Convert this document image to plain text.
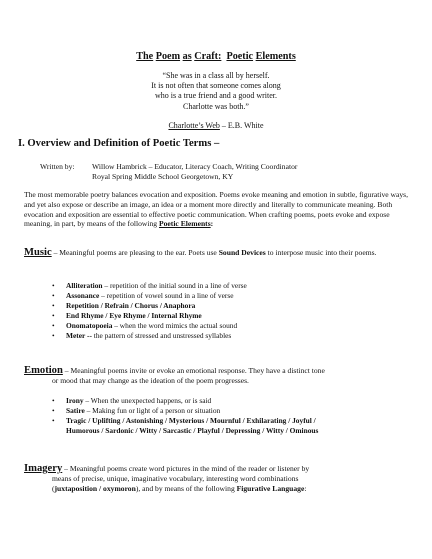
The Poem as Craft: Poetic Elements
“She was in a class all by herself.
It is not often that someone comes along
who is a true friend and a good writer.
Charlotte was both.”
Charlotte’s Web – E.B. White
I. Overview and Definition of Poetic Terms –
Written by: Willow Hambrick – Educator, Literacy Coach, Writing Coordinator
Royal Spring Middle School Georgetown, KY
The most memorable poetry balances evocation and exposition. Poems evoke meaning and emotion in subtle, figurative ways, and yet also expose or describe an image, an idea or a moment more directly and literally to communicate meaning. Both evocation and exposition are essential to effective poetic communication. When crafting poems, poets evoke and expose meaning, in part, by means of the following Poetic Elements:
Music – Meaningful poems are pleasing to the ear. Poets use Sound Devices to interpose music into their poems.
• Alliteration – repetition of the initial sound in a line of verse
• Assonance – repetition of vowel sound in a line of verse
• Repetition / Refrain / Chorus / Anaphora
• End Rhyme / Eye Rhyme / Internal Rhyme
• Onomatopoeia – when the word mimics the actual sound
• Meter -- the pattern of stressed and unstressed syllables
Emotion – Meaningful poems invite or evoke an emotional response. They have a distinct tone
or mood that may change as the ideation of the poem progresses.
• Irony – When the unexpected happens, or is said
• Satire – Making fun or light of a person or situation
• Tragic / Uplifting / Astonishing / Mysterious / Mournful / Exhilarating / Joyful /
Humorous / Sardonic / Witty / Sarcastic / Playful / Depressing / Witty / Ominous
Imagery – Meaningful poems create word pictures in the mind of the reader or listener by
means of precise, unique, imaginative vocabulary, interesting word combinations
(juxtaposition / oxymoron), and by means of the following Figurative Language:
